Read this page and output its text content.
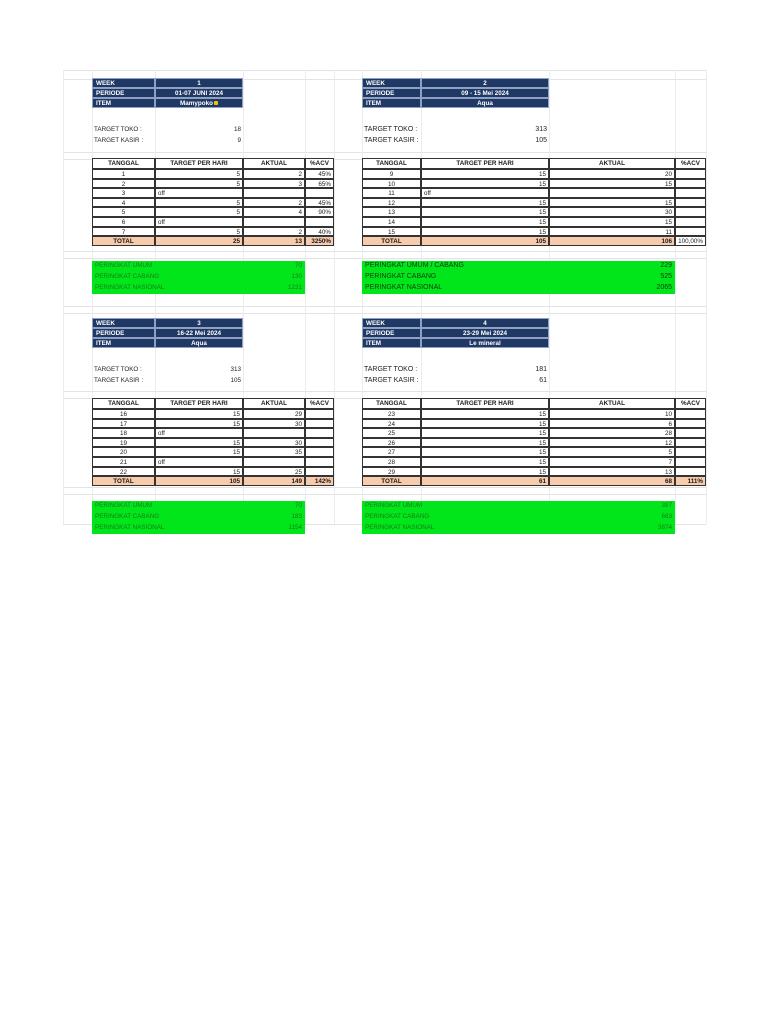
WEEK	1
PERIODE	01-07 JUNI 2024
ITEM	Mamypoko
TARGET TOKO :	18
TARGET KASIR :	9
TANGGAL	TARGET PER HARI	AKTUAL	%ACV
1	5	2	45%
2	5	3	65%
3	off
4	5	2	45%
5	5	4	90%
6	off
7	5	2	40%
TOTAL	25	13	3250%
PERINGKAT UMUM	70
PERINGKAT CABANG	130
PERINGKAT NASIONAL	1231
WEEK	2
PERIODE	09 - 15 Mei 2024
ITEM	Aqua
TARGET TOKO :	313
TARGET KASIR :	105
TANGGAL	TARGET PER HARI	AKTUAL	%ACV
9	15	20
10	15	15
11	off
12	15	15
13	15	30
14	15	15
15	15	11
TOTAL	105	106 100,00%
PERINGKAT UMUM / CABANG	229
PERINGKAT CABANG	525
PERINGKAT NASIONAL	2065
WEEK	3
PERIODE	16-22 Mei 2024
ITEM	Aqua
TARGET TOKO :	313
TARGET KASIR :	105
TANGGAL	TARGET PER HARI	AKTUAL	%ACV
16	15	29
17	15	30
18	off
19	15	30
20	15	35
21	off
22	15	25
TOTAL	105	149	142%
PERINGKAT UMUM	70
PERINGKAT CABANG	183
PERINGKAT NASIONAL	1154
WEEK	4
PERIODE	23-29 Mei 2024
ITEM	Le mineral
TARGET TOKO :	181
TARGET KASIR :	61
TANGGAL	TARGET PER HARI	AKTUAL	%ACV
23	15	10
24	15	6
25	15	28
26	15	12
27	15	5
28	15	7
29	15	13
TOTAL	61	68	111%
PERINGKAT UMUM	387
PERINGKAT CABANG	683
PERINGKAT NASIONAL	3874
